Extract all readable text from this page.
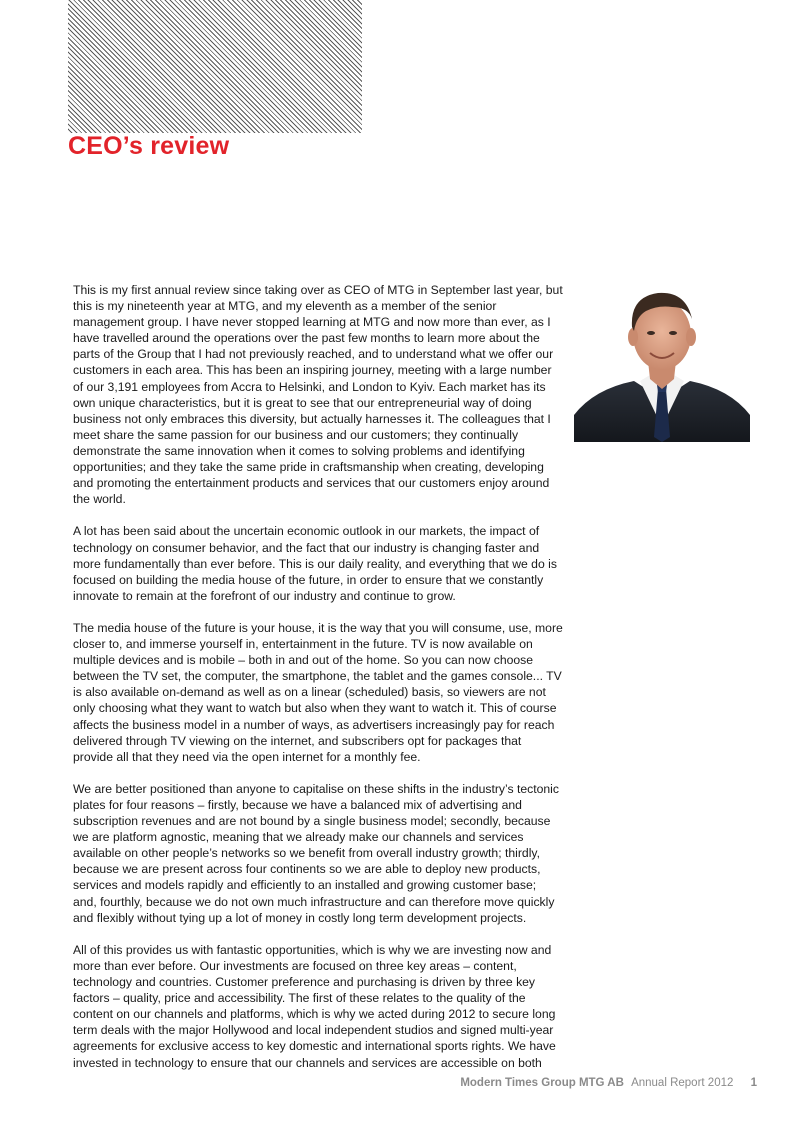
CEO’s review

This is my first annual review since taking over as CEO of MTG in September last year, but this is my nineteenth year at MTG, and my eleventh as a member of the senior management group. I have never stopped learning at MTG and now more than ever, as I have travelled around the operations over the past few months to learn more about the parts of the Group that I had not previously reached, and to understand what we offer our customers in each area. This has been an inspiring journey, meeting with a large number of our 3,191 employees from Accra to Helsinki, and London to Kyiv. Each market has its own unique characteristics, but it is great to see that our entrepreneurial way of doing business not only embraces this diversity, but actually harnesses it. The colleagues that I meet share the same passion for our business and our customers; they continually demonstrate the same innovation when it comes to solving problems and identifying opportunities; and they take the same pride in craftsmanship when creating, developing and promoting the entertainment products and services that our customers enjoy around the world.

A lot has been said about the uncertain economic outlook in our markets, the impact of technology on consumer behavior, and the fact that our industry is changing faster and more fundamentally than ever before. This is our daily reality, and everything that we do is focused on building the media house of the future, in order to ensure that we constantly innovate to remain at the forefront of our industry and continue to grow.

The media house of the future is your house, it is the way that you will consume, use, more closer to, and immerse yourself in, entertainment in the future. TV is now available on multiple devices and is mobile – both in and out of the home. So you can now choose between the TV set, the computer, the smartphone, the tablet and the games console... TV is also available on-demand as well as on a linear (scheduled) basis, so viewers are not only choosing what they want to watch but also when they want to watch it. This of course affects the business model in a number of ways, as advertisers increasingly pay for reach delivered through TV viewing on the internet, and subscribers opt for packages that provide all that they need via the open internet for a monthly fee.

We are better positioned than anyone to capitalise on these shifts in the industry’s tectonic plates for four reasons – firstly, because we have a balanced mix of advertising and subscription revenues and are not bound by a single business model; secondly, because we are platform agnostic, meaning that we already make our channels and services available on other people’s networks so we benefit from overall industry growth; thirdly, because we are present across four continents so we are able to deploy new products, services and models rapidly and efficiently to an installed and growing customer base; and, fourthly, because we do not own much infrastructure and can therefore move quickly and flexibly without tying up a lot of money in costly long term development projects.

All of this provides us with fantastic opportunities, which is why we are investing now and more than ever before. Our investments are focused on three key areas – content, technology and countries. Customer preference and purchasing is driven by three key factors – quality, price and accessibility. The first of these relates to the quality of the content on our channels and platforms, which is why we acted during 2012 to secure long term deals with the major Hollywood and local independent studios and signed multi-year agreements for exclusive access to key domestic and international sports rights. We have invested in technology to ensure that our channels and services are accessible on both

Modern Times Group MTG AB Annual Report 2012 1
